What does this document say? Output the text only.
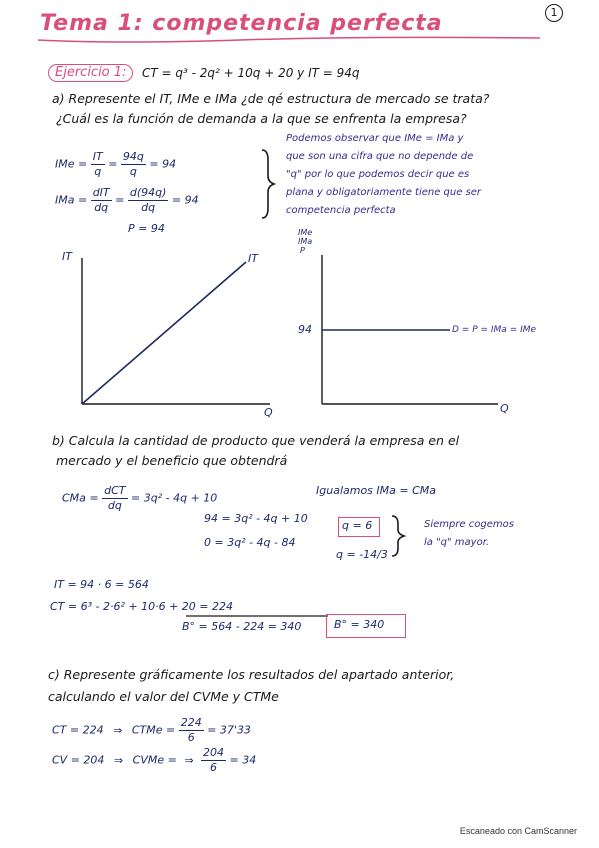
Tema 1: competencia perfecta	1
Ejercicio 1:	CT = q³ - 2q² + 10q + 20 y IT = 94q
a) Represente el IT, IMe e IMa ¿de qé estructura de mercado se trata?
¿Cuál es la función de demanda a la que se enfrenta la empresa?
IMe = $\frac{IT}{q} = \frac{94q}{q} = 94$
IMa = $\frac{\text{dIT}}{dq} = \frac{d(94q)}{dq} = 94$
P = 94
Podemos observar que IMe = IMa y
que son una cifra que no depende de
"q" por lo que podemos decir que es
plana y obligatoriamente tiene que ser
competencia perfecta
IT	IT
Q
IMe
IMa
P
94	D = P = IMa = IMe
Q
b) Calcula la cantidad de producto que venderá la empresa en el
mercado y el beneficio que obtendrá
CMa = $\frac{\text{dCT}}{dq} = 3q^2 - 4q + 10$
Igualamos IMa = CMa
94 = 3q² - 4q + 10
0 = 3q² - 4q - 84
q = 6
q = -14/3
Siempre cogemos
la "q" mayor.
IT = 94 · 6 = 564
CT = 6³ - 2·6² + 10·6 + 20 = 224
B° = 564 - 224 = 340	B° = 340
c) Represente gráficamente los resultados del apartado anterior,
calculando el valor del CVMe y CTMe
CT = 224 ⇒ CTMe = $\frac{224}{6} = 37'33$
CV = 204 ⇒ CVMe = ⇒ $\frac{204}{6} = 34$
Escaneado con CamScanner
